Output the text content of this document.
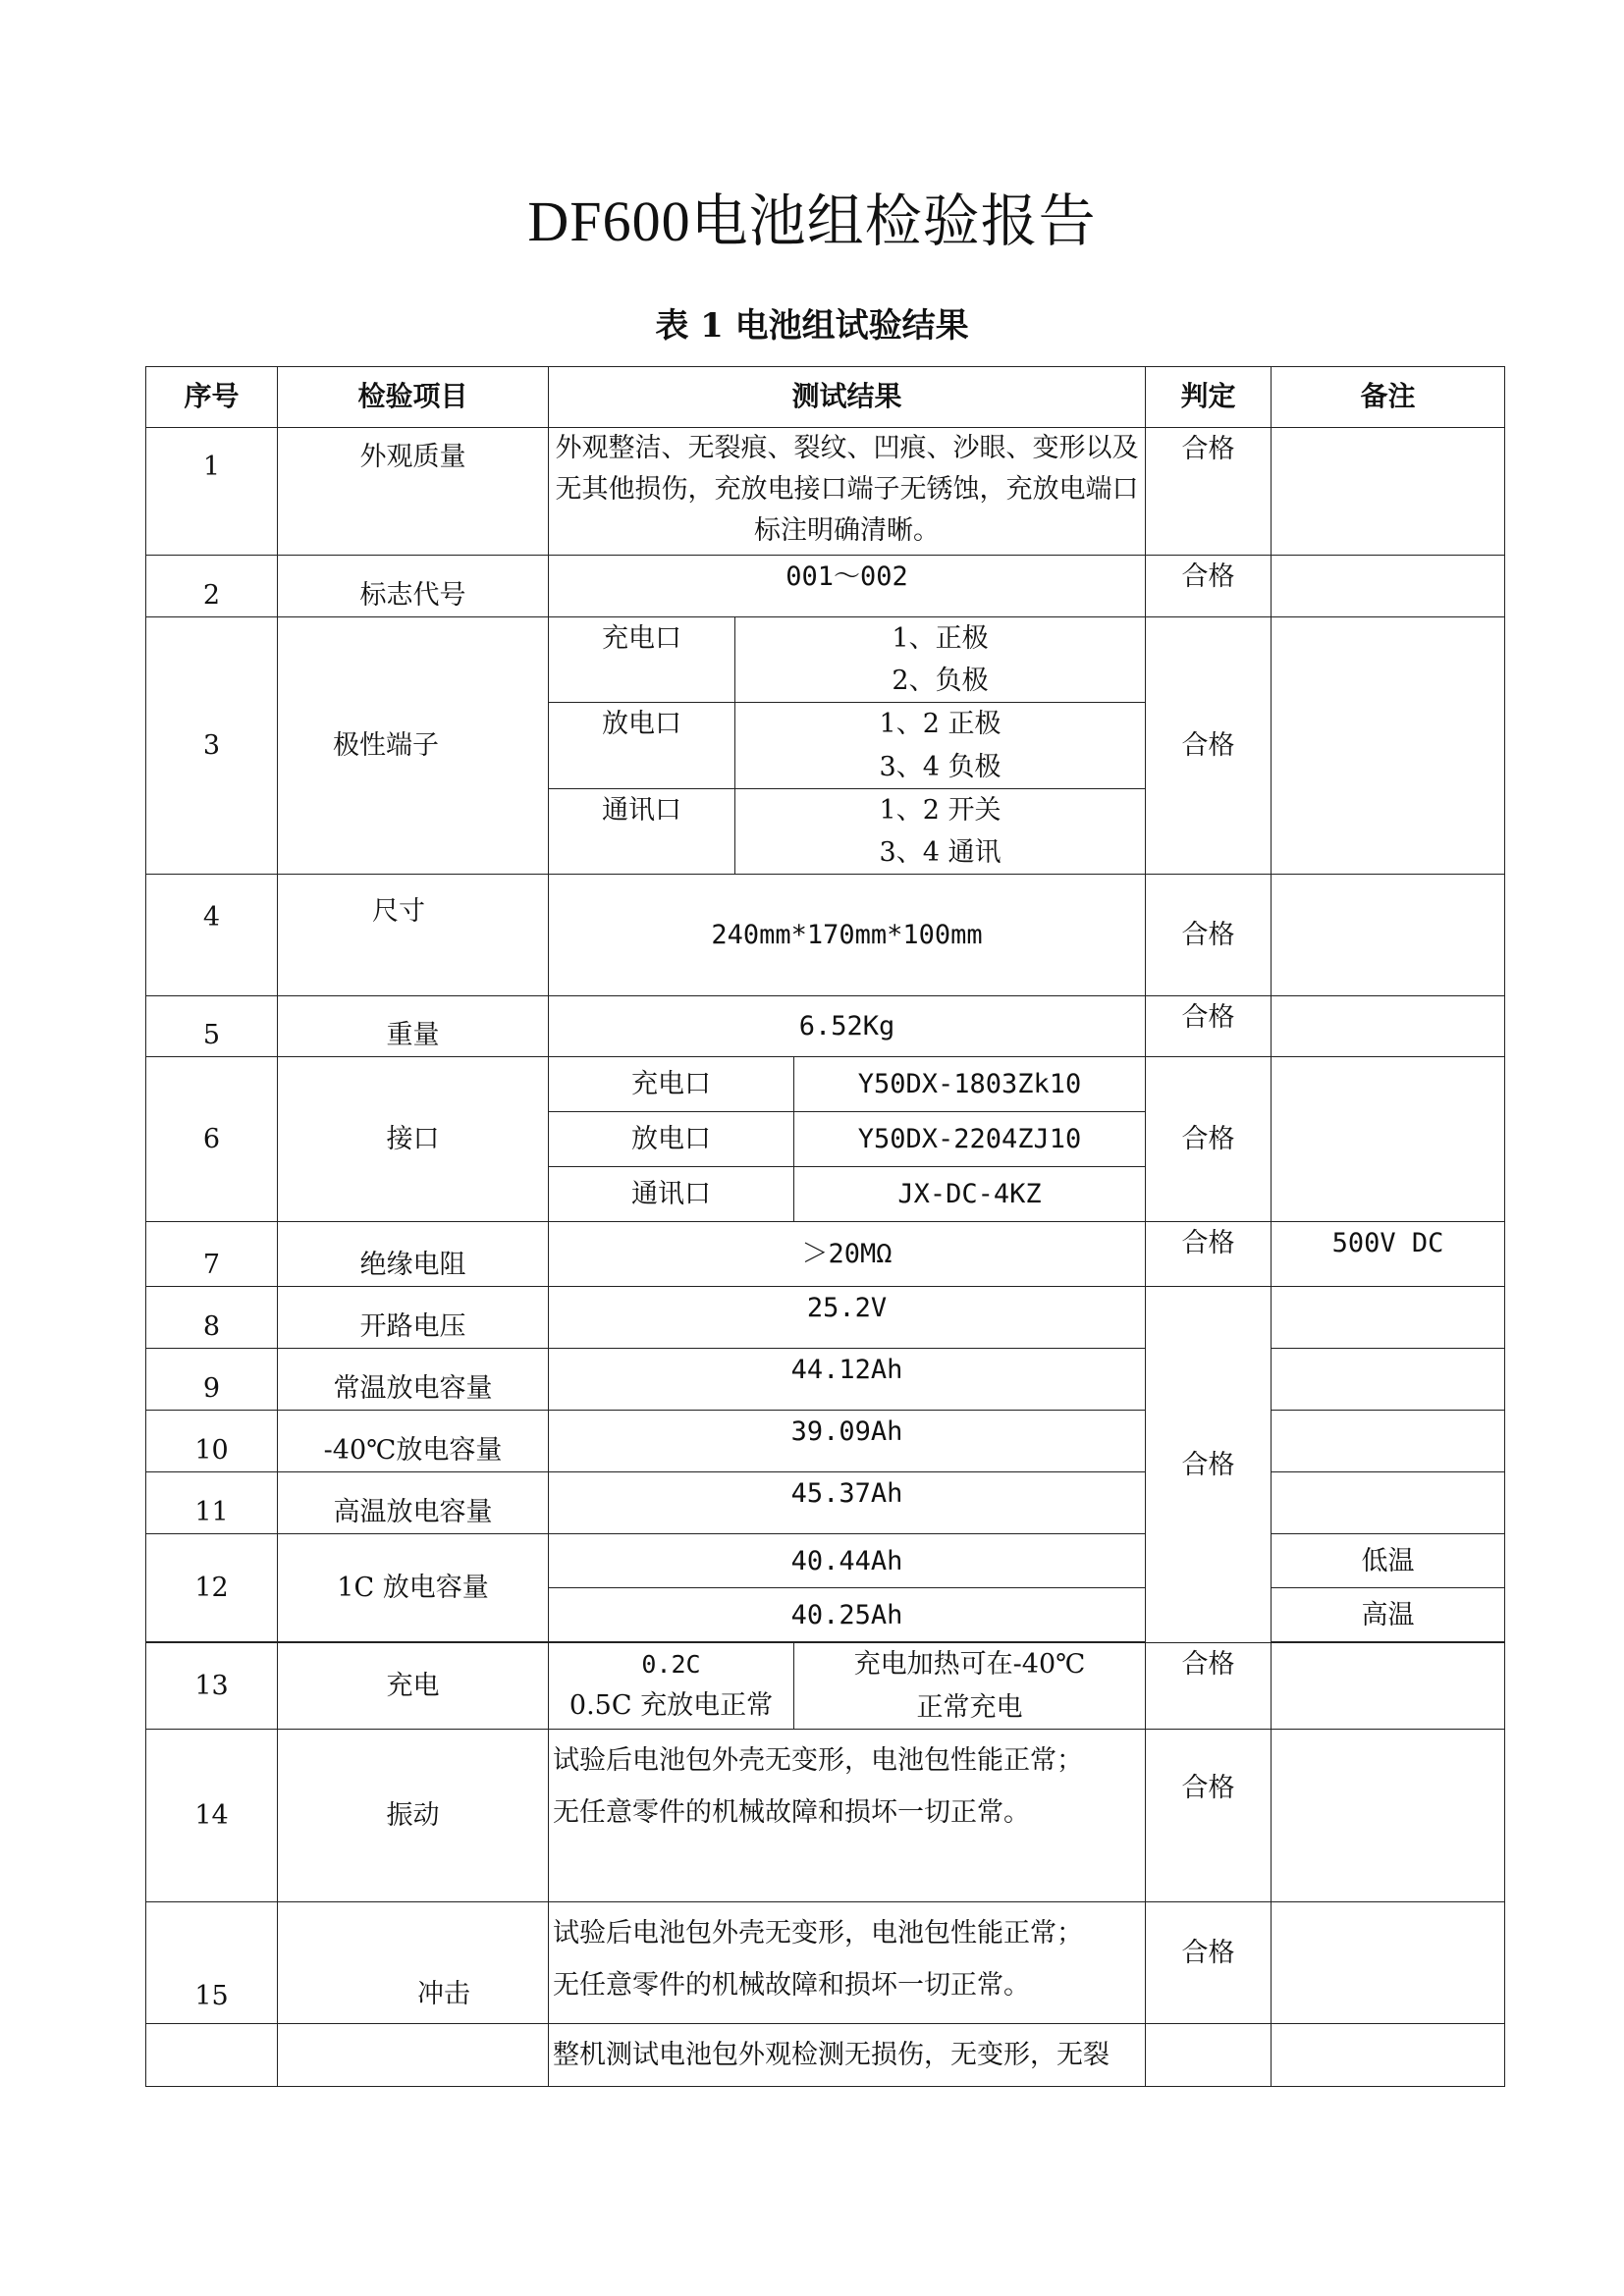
DF600电池组检验报告
表 1 电池组试验结果
序号	检验项目	测试结果			判定	备注
1	外观质量	外观整洁、无裂痕、裂纹、凹痕、沙眼、变形以及无其他损伤，充放电接口端子无锈蚀，充放电端口标注明确清晰。			合格	
2	标志代号	001～002			合格	
3	极性端子	充电口	1、正极
2、负极		合格	
		放电口	1、2 正极
3、4 负极			

		通讯口	1、2 开关
3、4 通讯			

4	尺寸	240mm*170mm*100mm			合格	
5	重量	6.52Kg			合格	
6	接口	充电口		Y50DX-1803Zk10	合格	
		放电口		Y50DX-2204ZJ10		
		通讯口		JX-DC-4KZ		
7	绝缘电阻	＞20MΩ			合格	500V DC
8	开路电压	25.2V			合格	
9	常温放电容量	44.12Ah				
10	-40℃放电容量	39.09Ah				
11	高温放电容量	45.37Ah				
12	1C 放电容量	40.44Ah				低温
		40.25Ah				高温

13	充电	0.2C
0.5C 充放电正常		充电加热可在-40℃
正常充电	合格	
14	振动	试验后电池包外壳无变形，电池包性能正常；
无任意零件的机械故障和损坏一切正常。			合格	
15	冲击	试验后电池包外壳无变形，电池包性能正常；
无任意零件的机械故障和损坏一切正常。			合格	
		整机测试电池包外观检测无损伤，无变形，无裂				
